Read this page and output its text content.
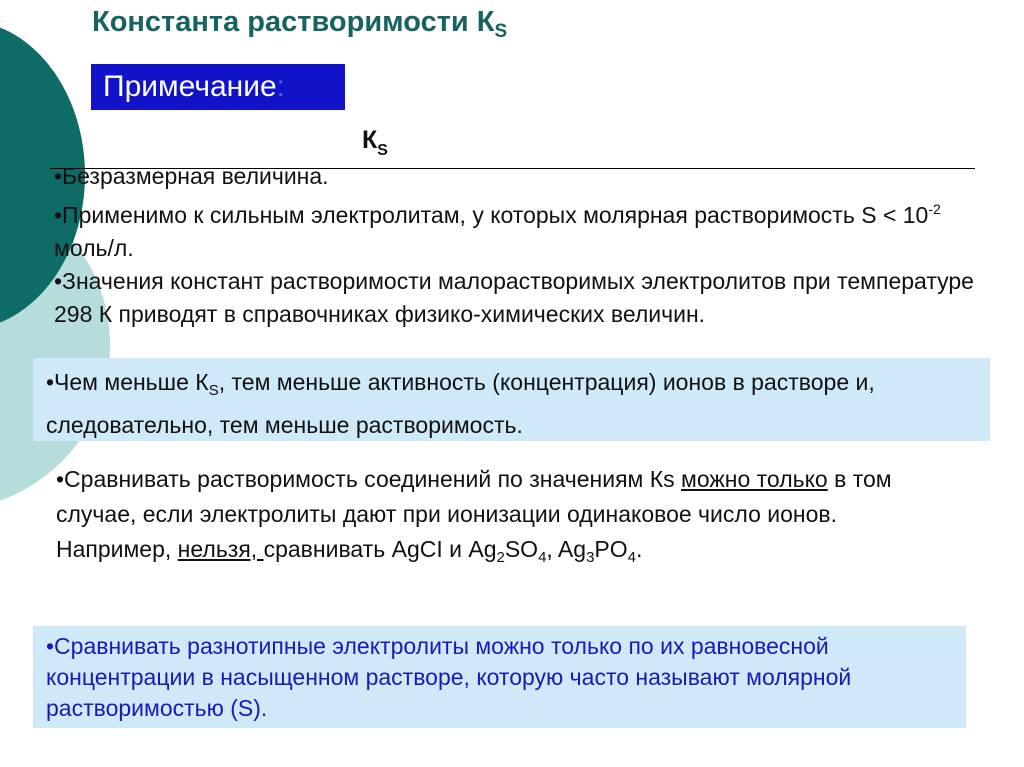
Константа растворимости $К_S$
Примечание:
$К_S$
•Безразмерная величина.
•Применимо к сильным электролитам, у которых молярная растворимость $S < 10^{-2}$ моль/л.
•Значения констант растворимости малорастворимых электролитов при температуре 298 К приводят в справочниках физико-химических величин.
•Чем меньше $К_S$, тем меньше активность (концентрация) ионов в растворе и, следовательно, тем меньше растворимость.
•Сравнивать растворимость соединений по значениям Кs можно только в том случае, если электролиты дают при ионизации одинаковое число ионов. Например, нельзя, сравнивать AgCI и $Ag_2SO_4$, $Ag_3PO_4$.
•Сравнивать разнотипные электролиты можно только по их равновесной концентрации в насыщенном растворе, которую часто называют молярной растворимостью (S).
